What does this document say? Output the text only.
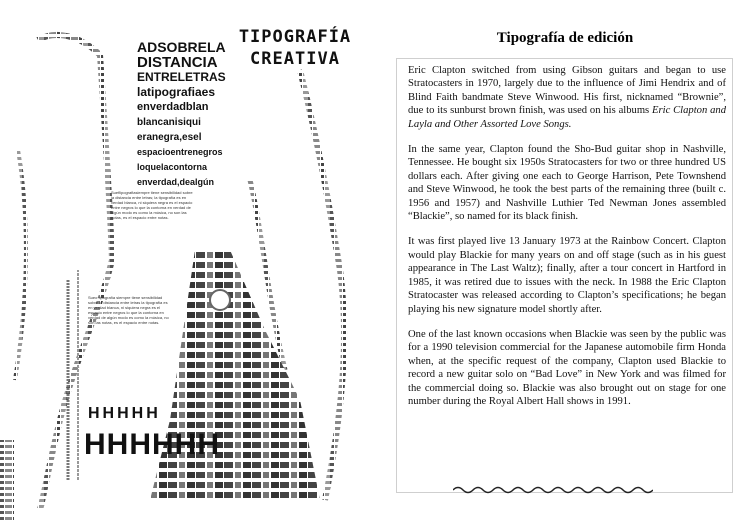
TIPOGRAFÍA
CREATIVA
ADSOBRELA
DISTANCIA
ENTRELETRAS
latipografiaes
enverdadblan
blancanisiqui
eranegra,esel
espacioentrenegros
loquelacontorna
enverdad,dealgún
Sueflipografiasiempre tiene sensibilidad sobre la distancia entre letras; la tipografía es en verdad blanca, ni siquiera negra es el espacio entre negros lo que la contorna en verdad de algún modo es como la música, no son las notas, es el espacio entre notas.
Sueo tipografía siempre tiene sensibilidad sobre la distancia entre letras la tipografía es en verdad blanca, ni siquiera negra es el espacio entre negros lo que la contorna en verdad de algún modo es como la música, no son las notas, es el espacio entre notas.
HHHHH
HHHHHH
Tipografía de edición

Eric Clapton switched from using Gibson guitars and began to use Stratocasters in 1970, largely due to the influence of Jimi Hendrix and of Blind Faith bandmate Steve Winwood. His first, nicknamed “Brownie”, due to its sunburst brown finish, was used on his albums Eric Clapton and Layla and Other Assorted Love Songs.

In the same year, Clapton found the Sho-Bud guitar shop in Nashville, Tennessee. He bought six 1950s Stratocasters for two or three hundred US dollars each. After giving one each to George Harrison, Pete Townshend and Steve Winwood, he took the best parts of the remaining three (built c. 1956 and 1957) and Nashville Luthier Ted Newman Jones assembled “Blackie”, so named for its black finish.

It was first played live 13 January 1973 at the Rainbow Concert. Clapton would play Blackie for many years on and off stage (such as in his guest appearance in The Last Waltz); finally, after a tour concert in Hartford in 1985, it was retired due to issues with the neck. In 1988 the Eric Clapton Stratocaster was released according to Clapton’s specifications; he began playing his new signature model shortly after.

One of the last known occasions when Blackie was seen by the public was for a 1990 television commercial for the Japanese automobile firm Honda when, at the specific request of the company, Clapton used Blackie to record a new guitar solo on “Bad Love” in New York and was filmed for the commercial doing so. Blackie was also brought out on stage for one number during the Royal Albert Hall shows in 1991.
